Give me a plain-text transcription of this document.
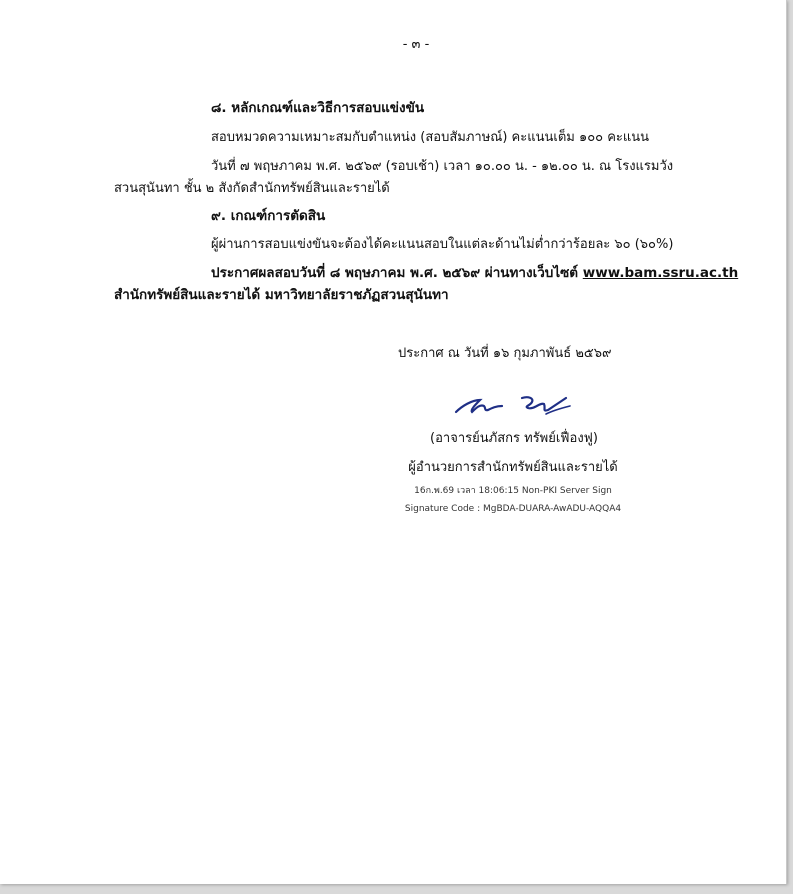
- ๓ -
๘. หลักเกณฑ์และวิธีการสอบแข่งขัน
สอบหมวดความเหมาะสมกับตำแหน่ง (สอบสัมภาษณ์) คะแนนเต็ม ๑๐๐ คะแนน
วันที่ ๗ พฤษภาคม พ.ศ. ๒๕๖๙ (รอบเช้า) เวลา ๑๐.๐๐ น. - ๑๒.๐๐ น. ณ โรงแรมวัง
สวนสุนันทา ชั้น ๒ สังกัดสำนักทรัพย์สินและรายได้
๙. เกณฑ์การตัดสิน
ผู้ผ่านการสอบแข่งขันจะต้องได้คะแนนสอบในแต่ละด้านไม่ต่ำกว่าร้อยละ ๖๐ (๖๐%)
ประกาศผลสอบวันที่ ๘ พฤษภาคม พ.ศ. ๒๕๖๙ ผ่านทางเว็บไซต์ www.bam.ssru.ac.th
สำนักทรัพย์สินและรายได้ มหาวิทยาลัยราชภัฏสวนสุนันทา
ประกาศ ณ วันที่ ๑๖ กุมภาพันธ์ ๒๕๖๙
(อาจารย์นภัสกร ทรัพย์เฟื่องฟู)
ผู้อำนวยการสำนักทรัพย์สินและรายได้
16ก.พ.69 เวลา 18:06:15 Non-PKI Server Sign
Signature Code : MgBDA-DUARA-AwADU-AQQA4
